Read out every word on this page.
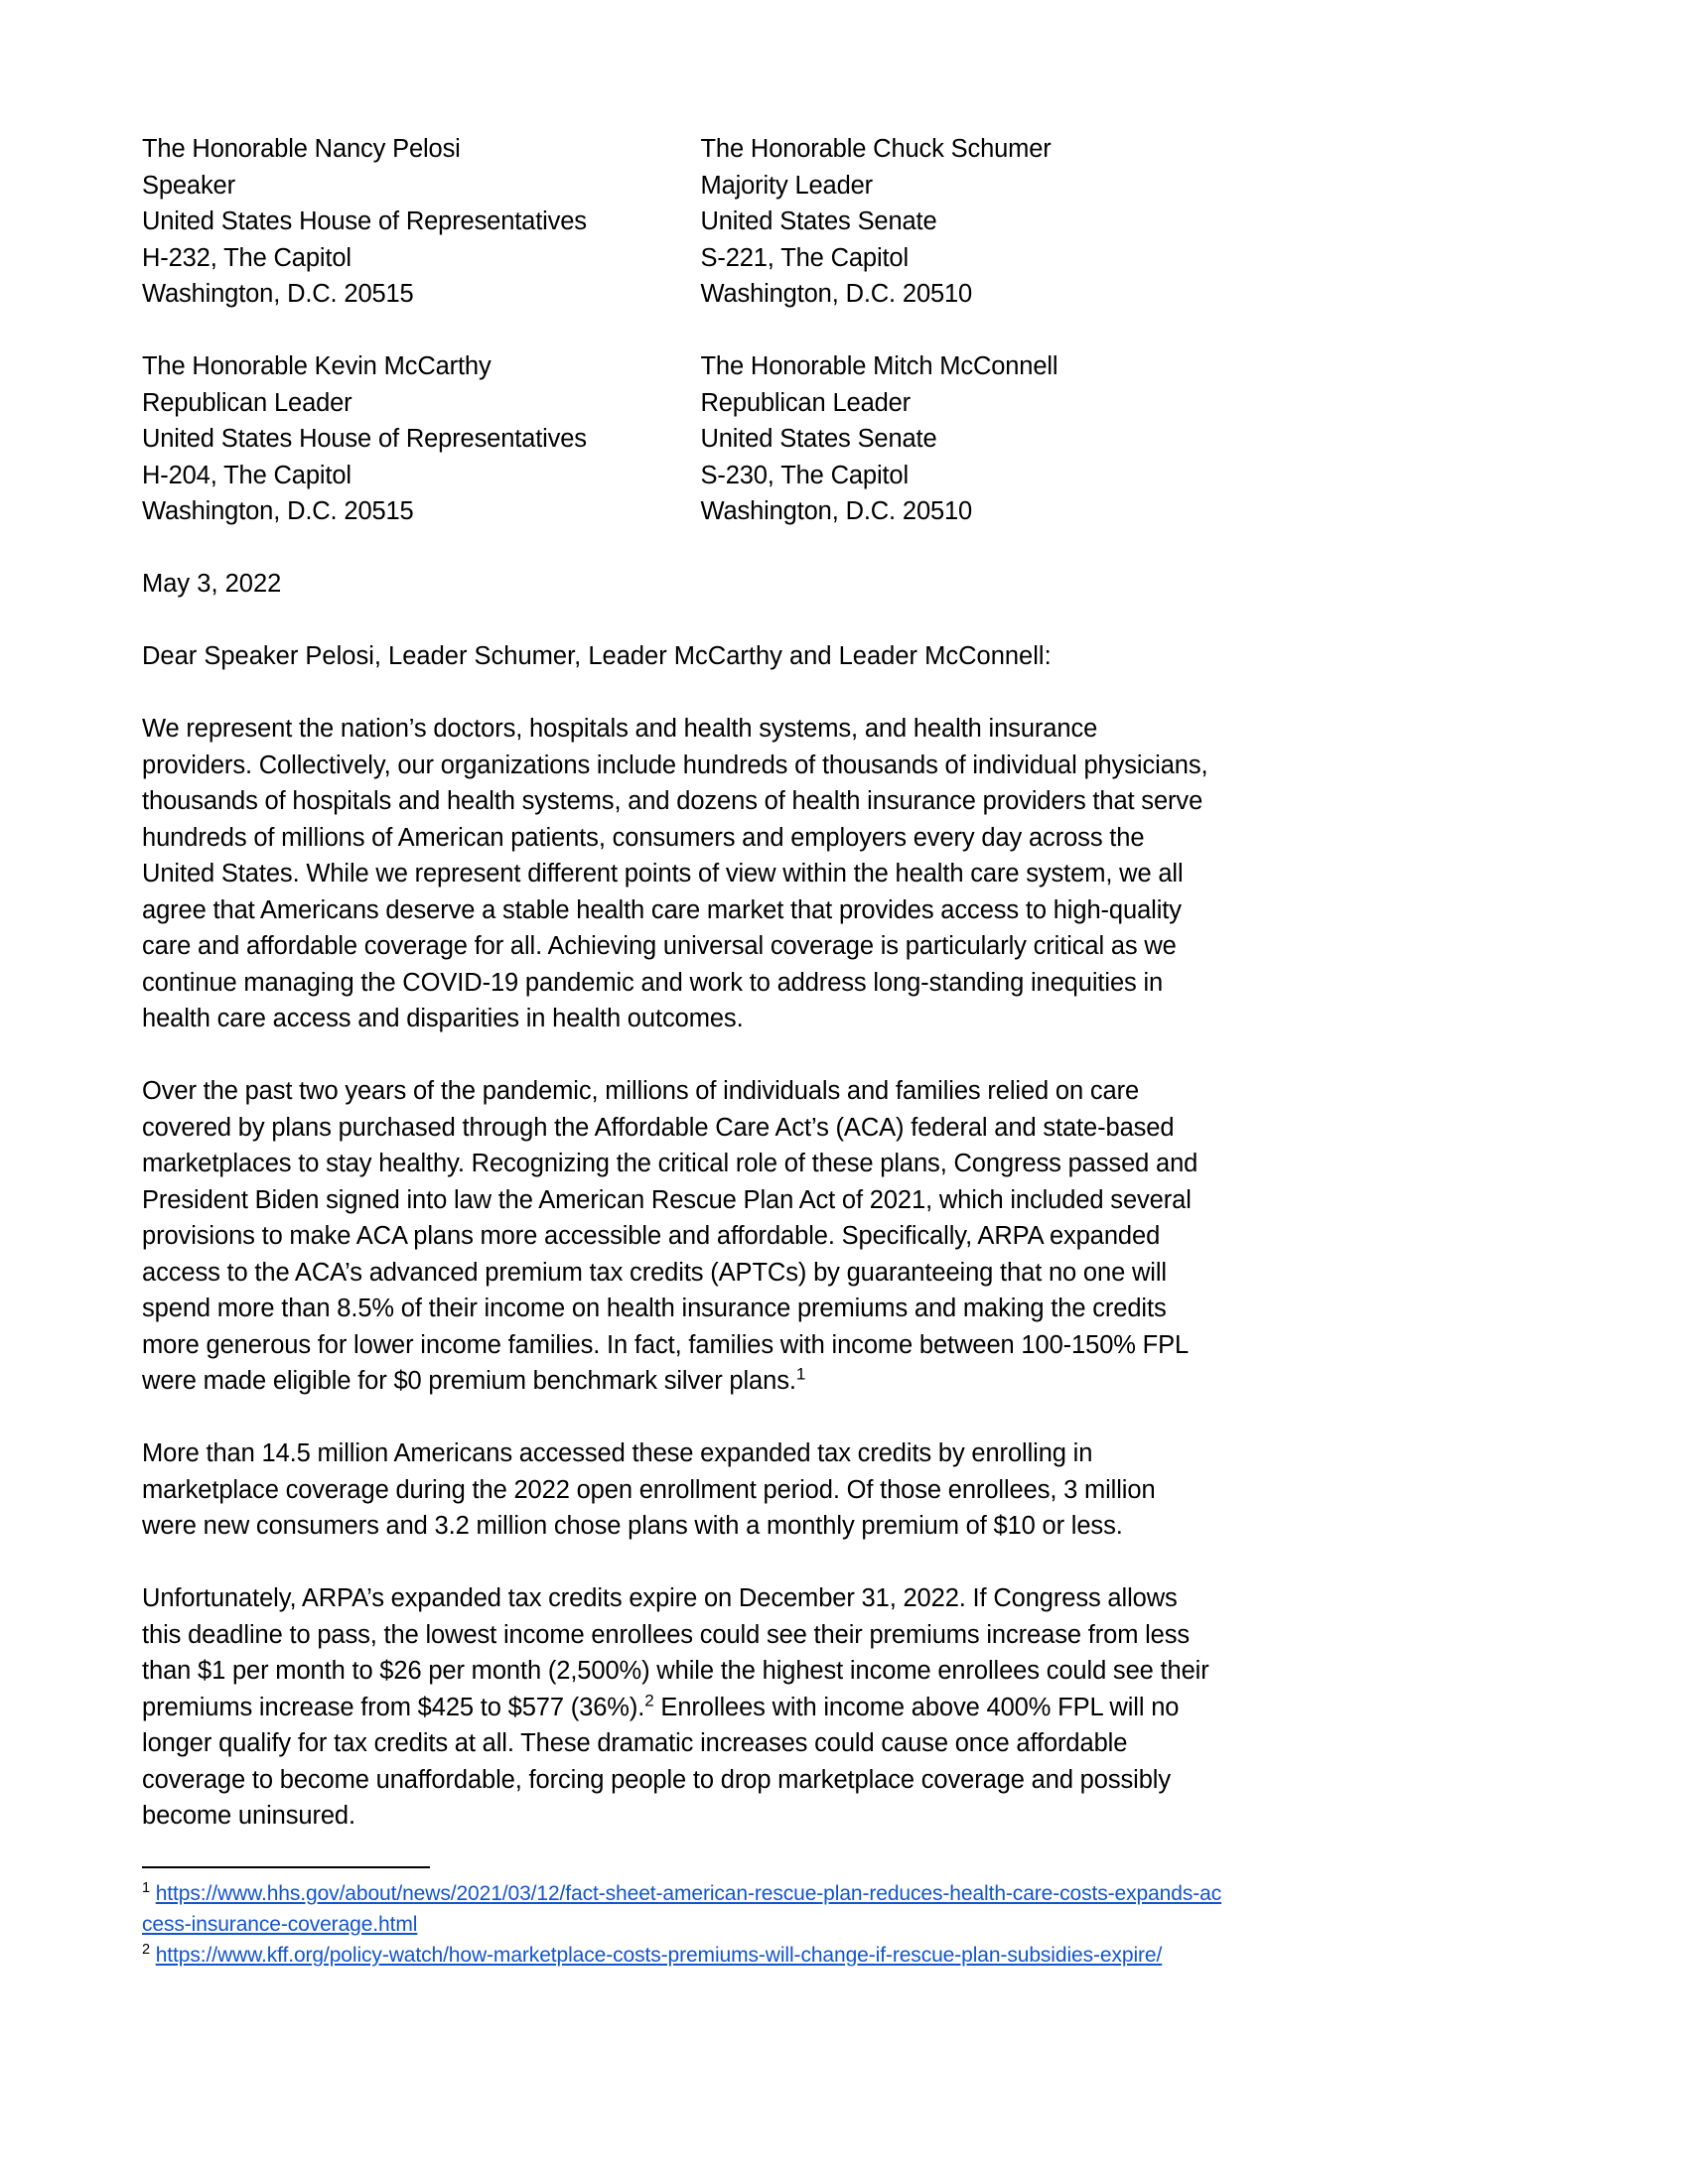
The Honorable Nancy Pelosi
Speaker
United States House of Representatives
H-232, The Capitol
Washington, D.C. 20515
The Honorable Chuck Schumer
Majority Leader
United States Senate
S-221, The Capitol
Washington, D.C. 20510
The Honorable Kevin McCarthy
Republican Leader
United States House of Representatives
H-204, The Capitol
Washington, D.C. 20515
The Honorable Mitch McConnell
Republican Leader
United States Senate
S-230, The Capitol
Washington, D.C. 20510
May 3, 2022
Dear Speaker Pelosi, Leader Schumer, Leader McCarthy and Leader McConnell:

We represent the nation’s doctors, hospitals and health systems, and health insurance providers. Collectively, our organizations include hundreds of thousands of individual physicians, thousands of hospitals and health systems, and dozens of health insurance providers that serve hundreds of millions of American patients, consumers and employers every day across the United States. While we represent different points of view within the health care system, we all agree that Americans deserve a stable health care market that provides access to high-quality care and affordable coverage for all. Achieving universal coverage is particularly critical as we continue managing the COVID-19 pandemic and work to address long-standing inequities in health care access and disparities in health outcomes.

Over the past two years of the pandemic, millions of individuals and families relied on care covered by plans purchased through the Affordable Care Act’s (ACA) federal and state-based marketplaces to stay healthy. Recognizing the critical role of these plans, Congress passed and President Biden signed into law the American Rescue Plan Act of 2021, which included several provisions to make ACA plans more accessible and affordable. Specifically, ARPA expanded access to the ACA’s advanced premium tax credits (APTCs) by guaranteeing that no one will spend more than 8.5% of their income on health insurance premiums and making the credits more generous for lower income families. In fact, families with income between 100-150% FPL were made eligible for $0 premium benchmark silver plans.$^1$

More than 14.5 million Americans accessed these expanded tax credits by enrolling in marketplace coverage during the 2022 open enrollment period. Of those enrollees, 3 million were new consumers and 3.2 million chose plans with a monthly premium of $10 or less.

Unfortunately, ARPA’s expanded tax credits expire on December 31, 2022. If Congress allows this deadline to pass, the lowest income enrollees could see their premiums increase from less than $1 per month to $26 per month (2,500%) while the highest income enrollees could see their premiums increase from $425 to $577 (36%).$^2$ Enrollees with income above 400% FPL will no longer qualify for tax credits at all. These dramatic increases could cause once affordable coverage to become unaffordable, forcing people to drop marketplace coverage and possibly become uninsured.

$^1$ https://www.hhs.gov/about/news/2021/03/12/fact-sheet-american-rescue-plan-reduces-health-care-costs-expands-access-insurance-coverage.html

$^2$ https://www.kff.org/policy-watch/how-marketplace-costs-premiums-will-change-if-rescue-plan-subsidies-expire/
